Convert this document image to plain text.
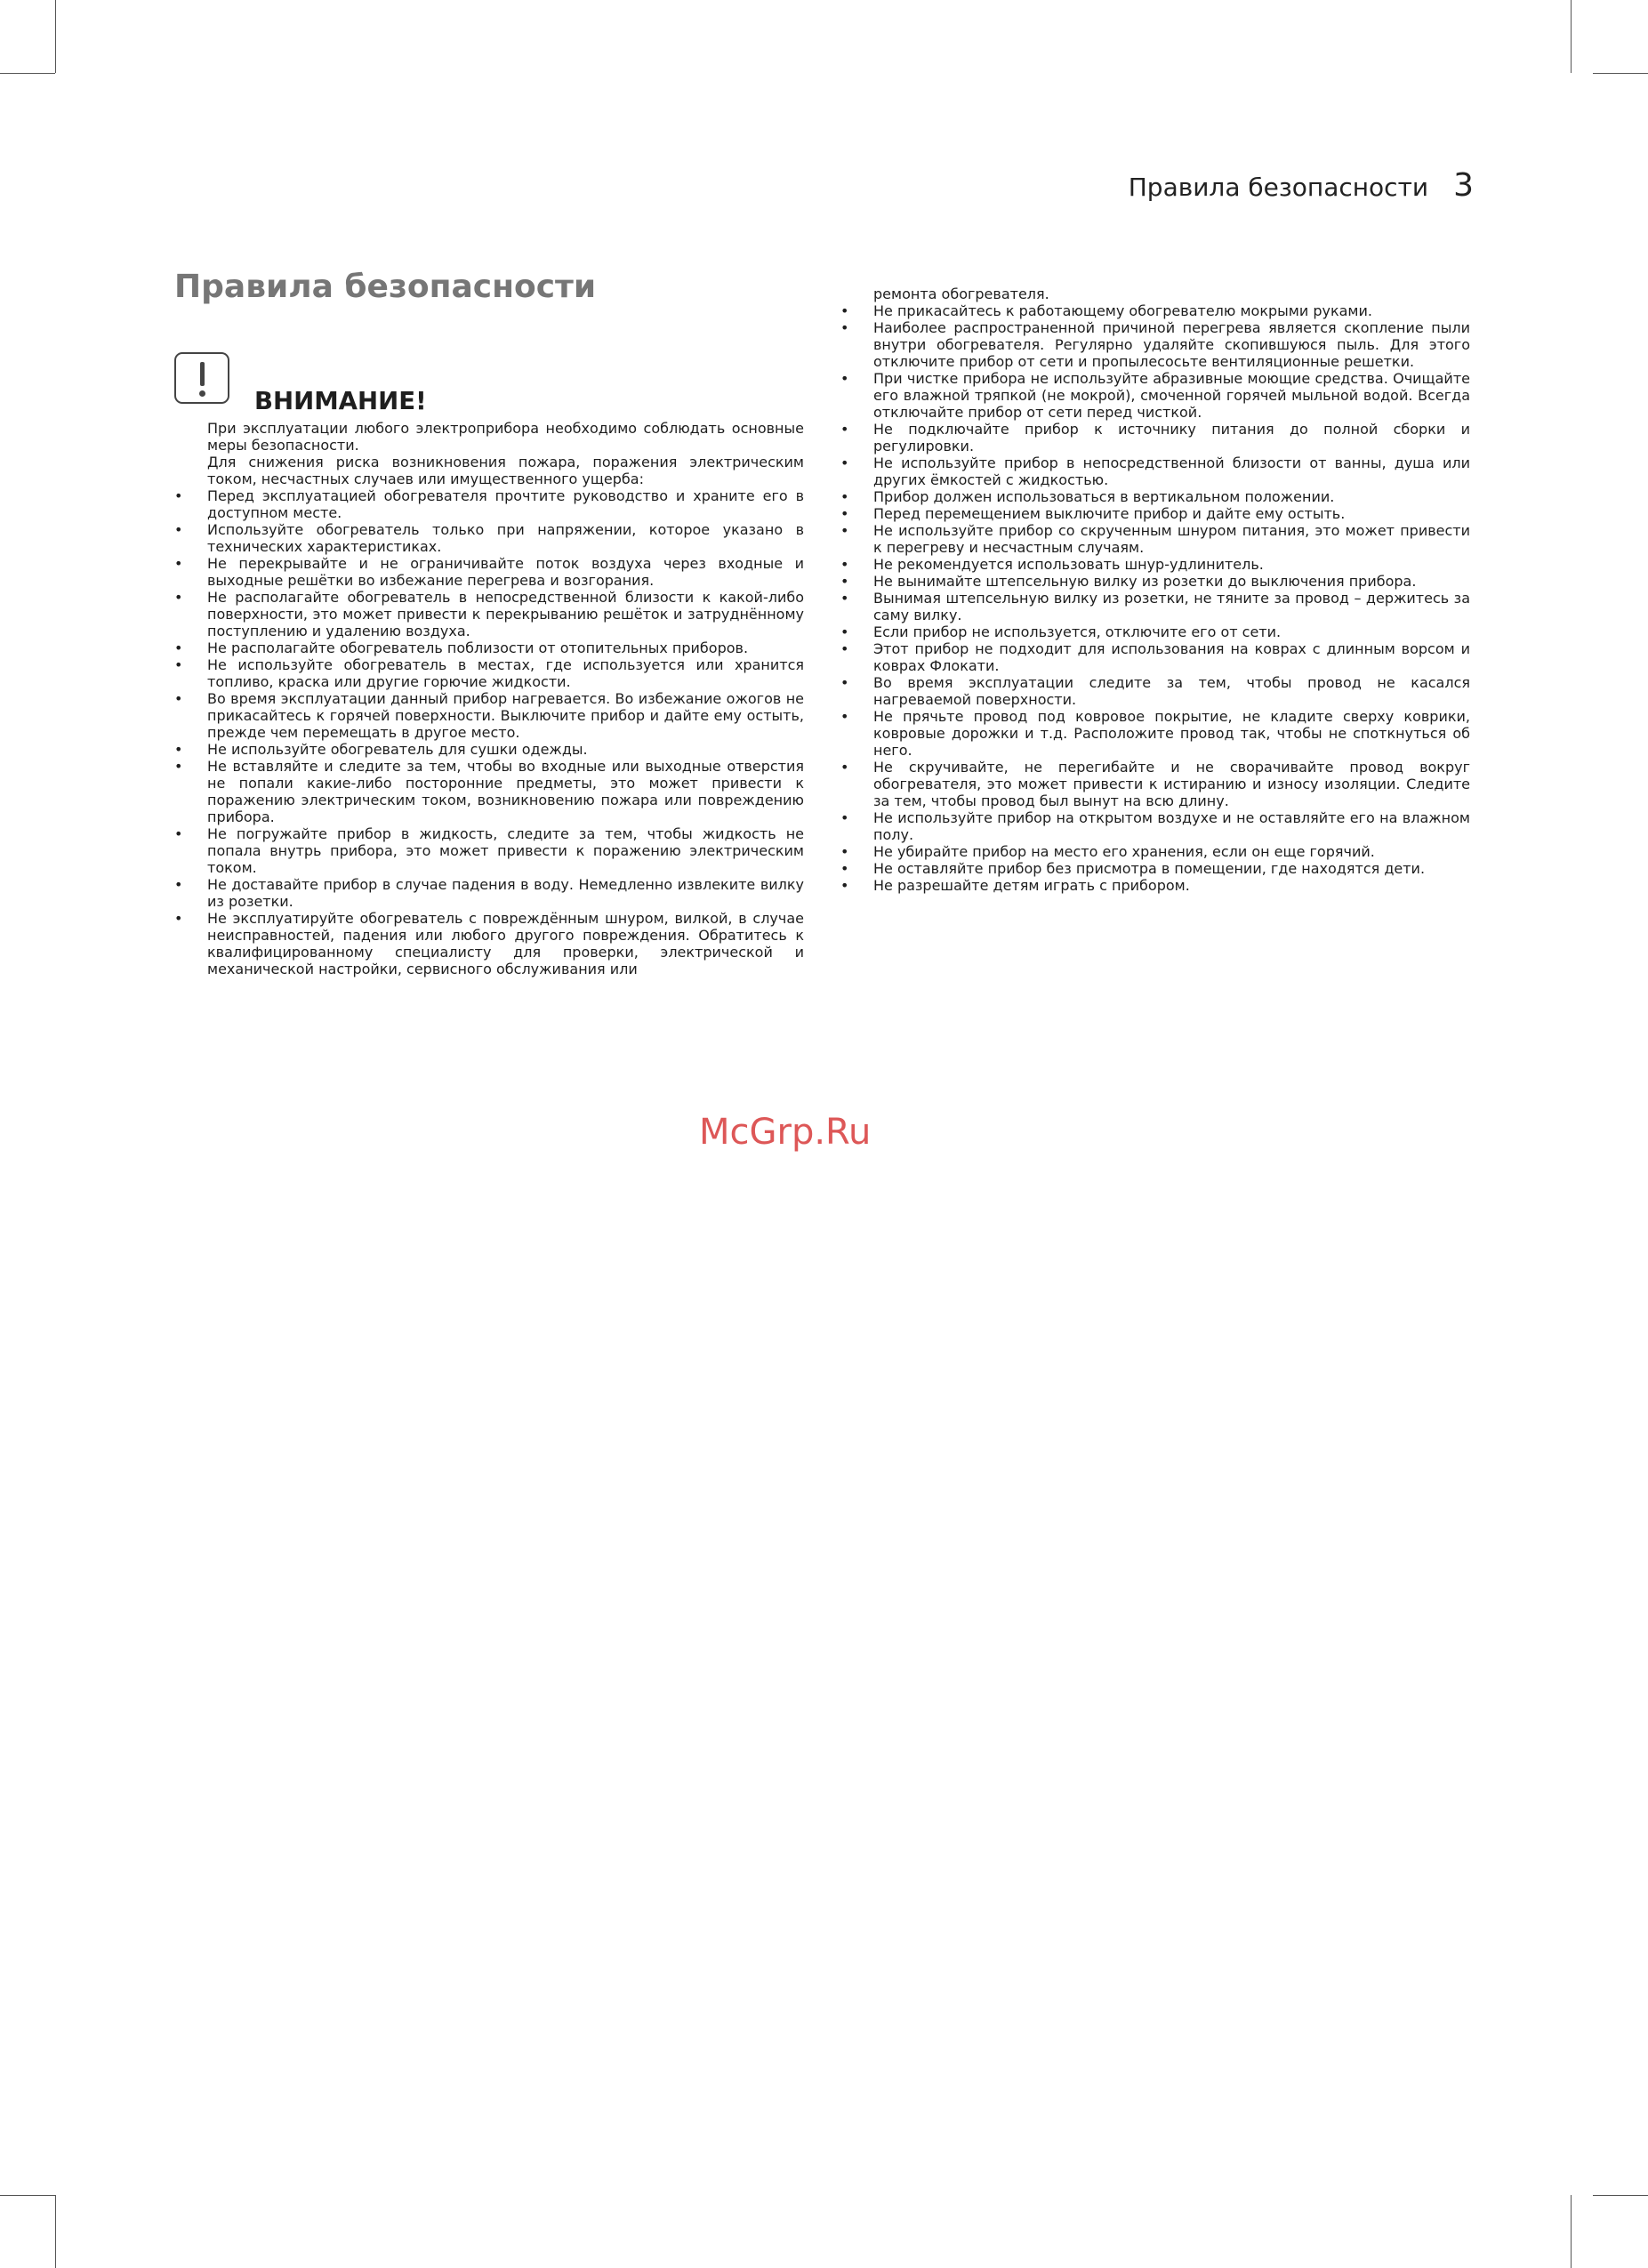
Правила безопасности 3
Правила безопасности
ВНИМАНИЕ!

При эксплуатации любого электроприбора необходимо соблюдать основные меры безопасности.

Для снижения риска возникновения пожара, поражения электрическим током, несчастных случаев или имущественного ущерба:

• Перед эксплуатацией обогревателя прочтите руководство и храните его в доступном месте.
• Используйте обогреватель только при напряжении, которое указано в технических характеристиках.
• Не перекрывайте и не ограничивайте поток воздуха через входные и выходные решётки во избежание перегрева и возгорания.
• Не располагайте обогреватель в непосредственной близости к какой-либо поверхности, это может привести к перекрыванию решёток и затруднённому поступлению и удалению воздуха.
• Не располагайте обогреватель поблизости от отопительных приборов.
• Не используйте обогреватель в местах, где используется или хранится топливо, краска или другие горючие жидкости.
• Во время эксплуатации данный прибор нагревается. Во избежание ожогов не прикасайтесь к горячей поверхности. Выключите прибор и дайте ему остыть, прежде чем перемещать в другое место.
• Не используйте обогреватель для сушки одежды.
• Не вставляйте и следите за тем, чтобы во входные или выходные отверстия не попали какие-либо посторонние предметы, это может привести к поражению электрическим током, возникновению пожара или повреждению прибора.
• Не погружайте прибор в жидкость, следите за тем, чтобы жидкость не попала внутрь прибора, это может привести к поражению электрическим током.
• Не доставайте прибор в случае падения в воду. Немедленно извлеките вилку из розетки.
• Не эксплуатируйте обогреватель с повреждённым шнуром, вилкой, в случае неисправностей, падения или любого другого повреждения. Обратитесь к квалифицированному специалисту для проверки, электрической и механической настройки, сервисного обслуживания или

ремонта обогревателя.

• Не прикасайтесь к работающему обогревателю мокрыми руками.
• Наиболее распространенной причиной перегрева является скопление пыли внутри обогревателя. Регулярно удаляйте скопившуюся пыль. Для этого отключите прибор от сети и пропылесосьте вентиляционные решетки.
• При чистке прибора не используйте абразивные моющие средства. Очищайте его влажной тряпкой (не мокрой), смоченной горячей мыльной водой. Всегда отключайте прибор от сети перед чисткой.
• Не подключайте прибор к источнику питания до полной сборки и регулировки.
• Не используйте прибор в непосредственной близости от ванны, душа или других ёмкостей с жидкостью.
• Прибор должен использоваться в вертикальном положении.
• Перед перемещением выключите прибор и дайте ему остыть.
• Не используйте прибор со скрученным шнуром питания, это может привести к перегреву и несчастным случаям.
• Не рекомендуется использовать шнур-удлинитель.
• Не вынимайте штепсельную вилку из розетки до выключения прибора.
• Вынимая штепсельную вилку из розетки, не тяните за провод – держитесь за саму вилку.
• Если прибор не используется, отключите его от сети.
• Этот прибор не подходит для использования на коврах с длинным ворсом и коврах Флокати.
• Во время эксплуатации следите за тем, чтобы провод не касался нагреваемой поверхности.
• Не прячьте провод под ковровое покрытие, не кладите сверху коврики, ковровые дорожки и т.д. Расположите провод так, чтобы не споткнуться об него.
• Не скручивайте, не перегибайте и не сворачивайте провод вокруг обогревателя, это может привести к истиранию и износу изоляции. Следите за тем, чтобы провод был вынут на всю длину.
• Не используйте прибор на открытом воздухе и не оставляйте его на влажном полу.
• Не убирайте прибор на место его хранения, если он еще горячий.
• Не оставляйте прибор без присмотра в помещении, где находятся дети.
• Не разрешайте детям играть с прибором.
McGrp.Ru
